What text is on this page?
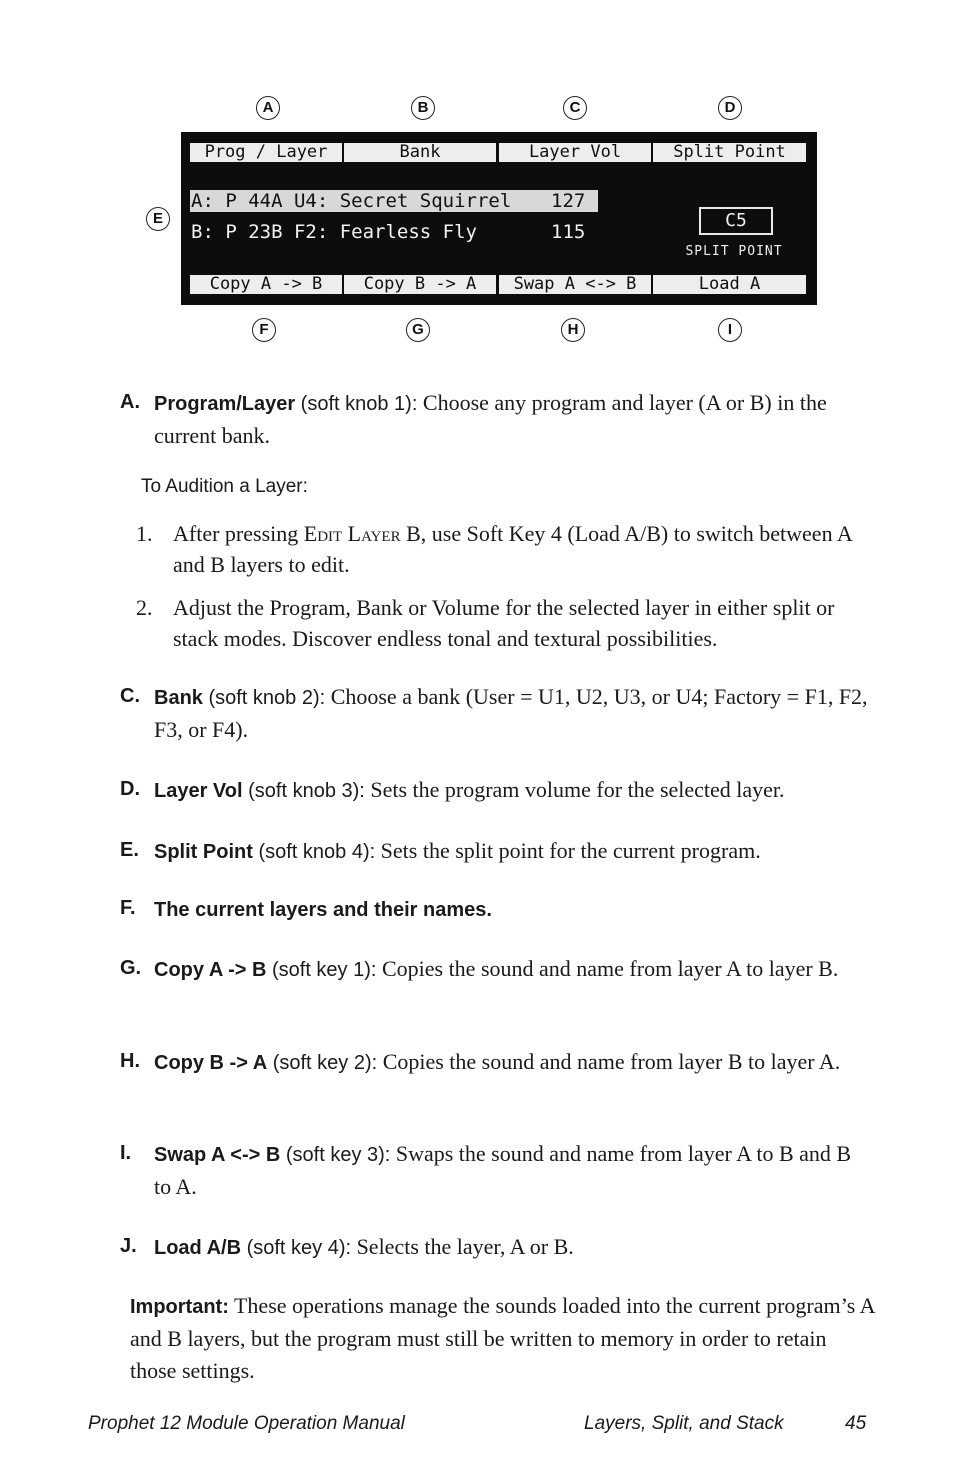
A	B	C	D
E
F	G	H	I
Prog / Layer	Bank	Layer Vol	Split Point
A: P 44A U4: Secret Squirrel 127
B: P 23B F2: Fearless Fly	115
C5
SPLIT POINT
Copy A -> B	Copy B -> A	Swap A <-> B	Load A
A. Program/Layer (soft knob 1): Choose any program and layer (A or B) in the current bank.
To Audition a Layer:
1. After pressing Edit Layer B, use Soft Key 4 (Load A/B) to switch between A and B layers to edit.
2. Adjust the Program, Bank or Volume for the selected layer in either split or stack modes. Discover endless tonal and textural possibilities.
C. Bank (soft knob 2): Choose a bank (User = U1, U2, U3, or U4; Factory = F1, F2, F3, or F4).
D. Layer Vol (soft knob 3): Sets the program volume for the selected layer.
E. Split Point (soft knob 4): Sets the split point for the current program.
F. The current layers and their names.
G. Copy A -> B (soft key 1): Copies the sound and name from layer A to layer B.
H. Copy B -> A (soft key 2): Copies the sound and name from layer B to layer A.
I. Swap A <-> B (soft key 3): Swaps the sound and name from layer A to B and B to A.
J. Load A/B (soft key 4): Selects the layer, A or B.
Important: These operations manage the sounds loaded into the current program’s A and B layers, but the program must still be written to memory in order to retain those settings.
Prophet 12 Module Operation Manual	Layers, Split, and Stack	45
